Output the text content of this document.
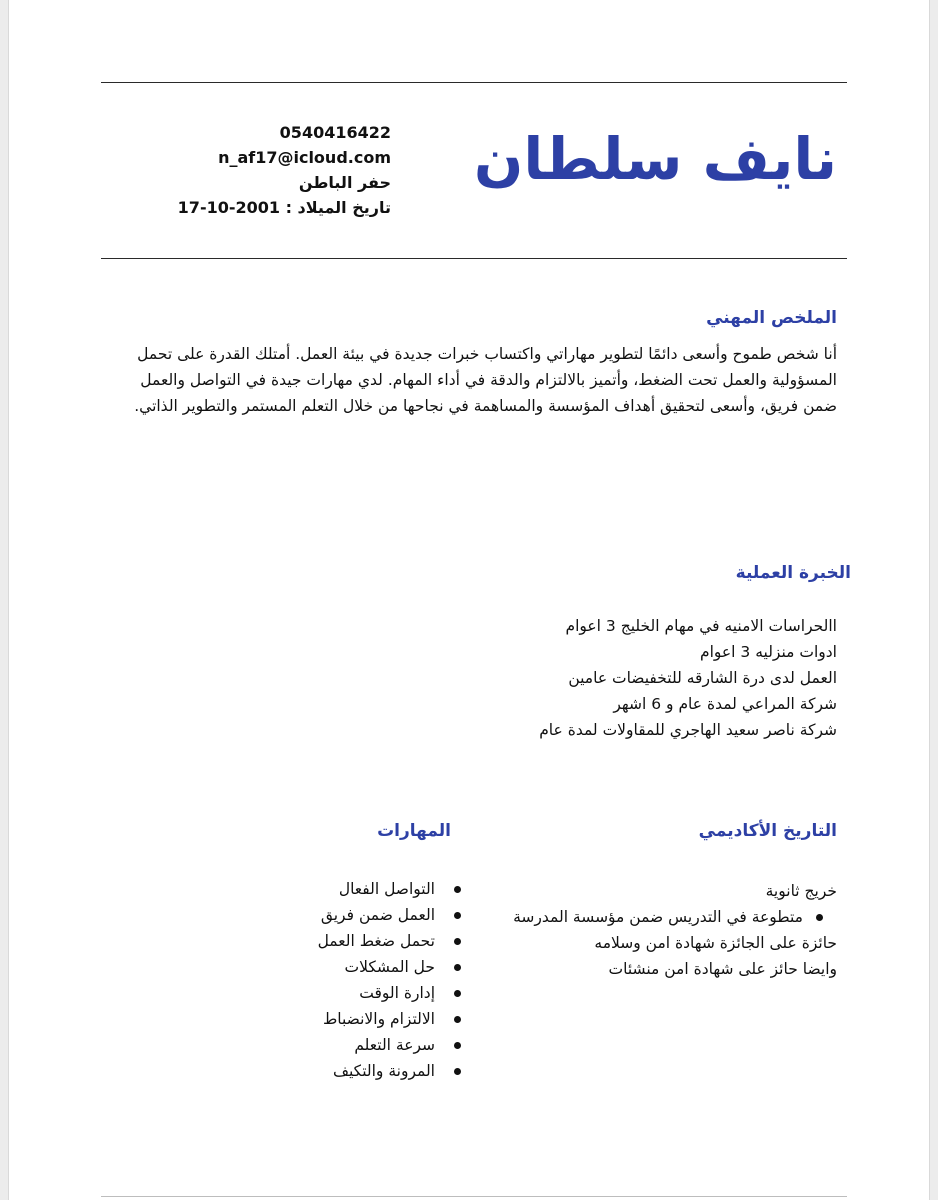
نايف سلطان
0540416422
n_af17@icloud.com
حفر الباطن
تاريخ الميلاد : 2001-10-17
الملخص المهني
أنا شخص طموح وأسعى دائمًا لتطوير مهاراتي واكتساب خبرات جديدة في بيئة العمل. أمتلك القدرة على تحمل المسؤولية والعمل تحت الضغط، وأتميز بالالتزام والدقة في أداء المهام. لدي مهارات جيدة في التواصل والعمل ضمن فريق، وأسعى لتحقيق أهداف المؤسسة والمساهمة في نجاحها من خلال التعلم المستمر والتطوير الذاتي.
الخبرة العملية
االحراسات الامنيه في مهام الخليج 3 اعوام
ادوات منزليه 3 اعوام
العمل لدى درة الشارقه للتخفيضات عامين
شركة المراعي لمدة عام و 6 اشهر
شركة ناصر سعيد الهاجري للمقاولات لمدة عام
التاريخ الأكاديمي
خريج ثانوية
متطوعة في التدريس ضمن مؤسسة المدرسة
حائزة على الجائزة شهادة امن وسلامه
وايضا حائز على شهادة امن منشئات
المهارات
التواصل الفعال
العمل ضمن فريق
تحمل ضغط العمل
حل المشكلات
إدارة الوقت
الالتزام والانضباط
سرعة التعلم
المرونة والتكيف
